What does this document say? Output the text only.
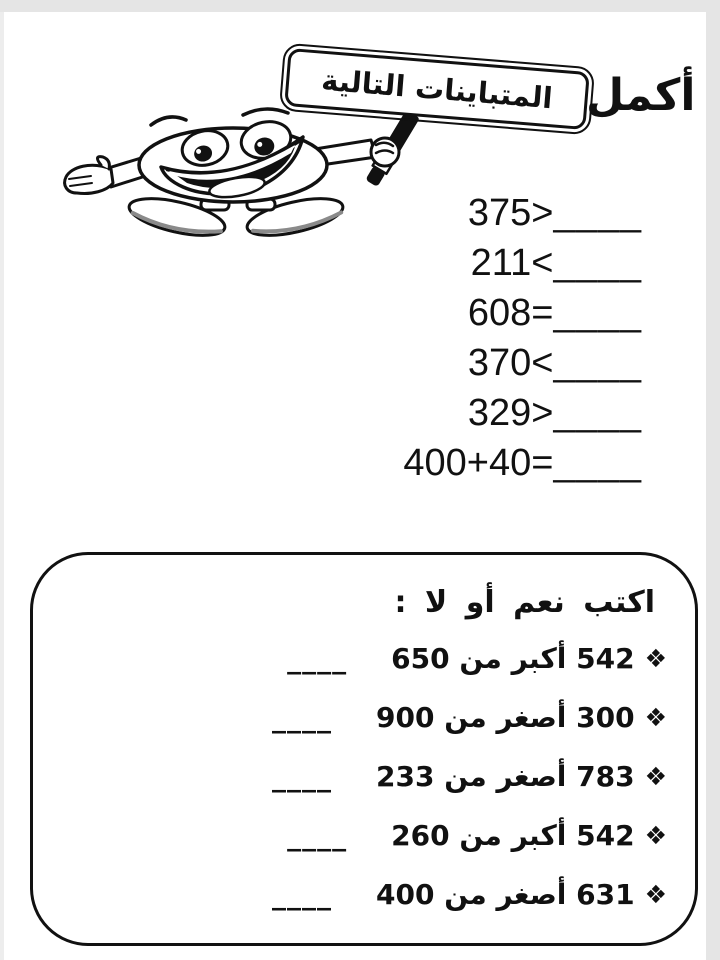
المتباينات التالية أكمل
375>____
211<____
608=____
370<____
329>____
400+40=____
اكتب نعم أو لا :
❖
542 أكبر من 650
____
❖
300 أصغر من 900
____
❖
783 أصغر من 233
____
❖
542 أكبر من 260
____
❖
631 أصغر من 400
____
